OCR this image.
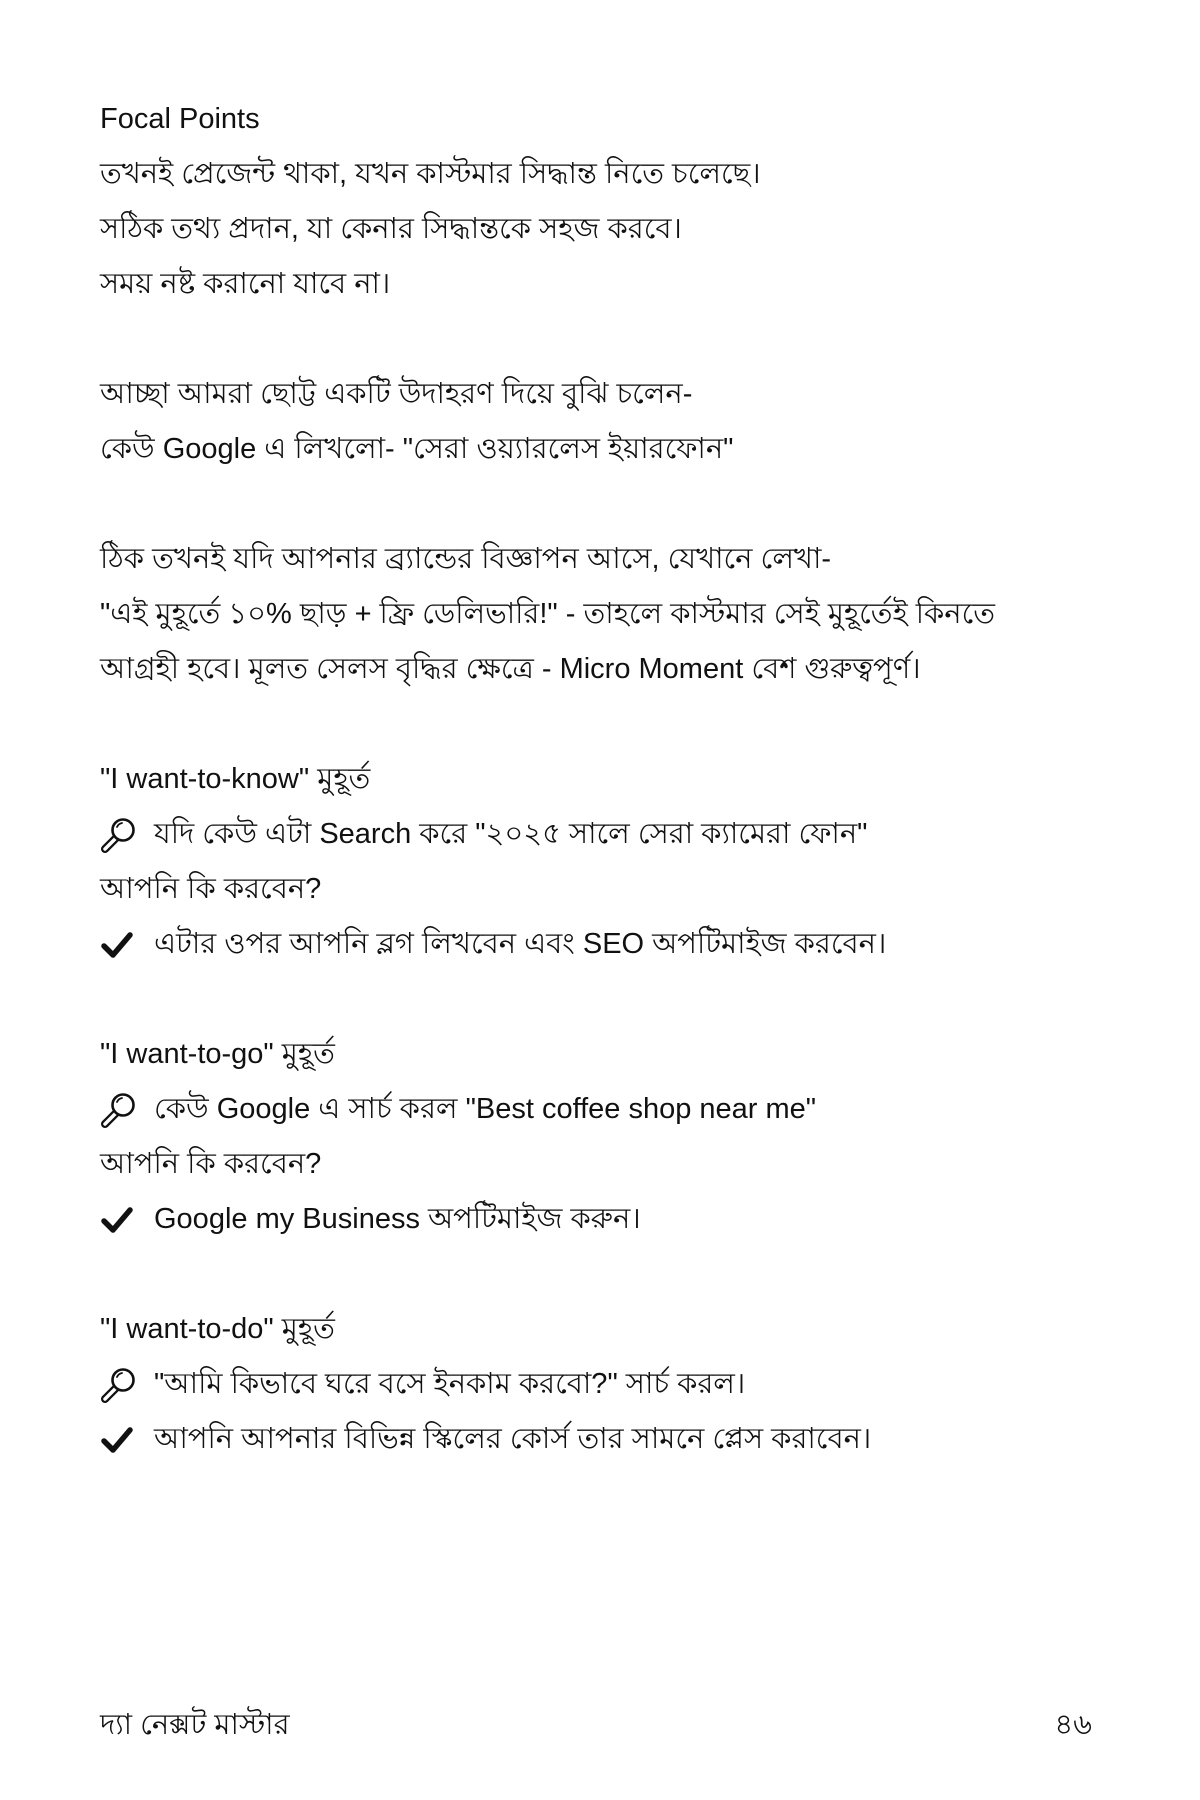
Focal Points
তখনই প্রেজেন্ট থাকা, যখন কাস্টমার সিদ্ধান্ত নিতে চলেছে।
সঠিক তথ্য প্রদান, যা কেনার সিদ্ধান্তকে সহজ করবে।
সময় নষ্ট করানো যাবে না।
আচ্ছা আমরা ছোট্ট একটি উদাহরণ দিয়ে বুঝি চলেন-
কেউ Google এ লিখলো- "সেরা ওয়্যারলেস ইয়ারফোন"
ঠিক তখনই যদি আপনার ব্র্যান্ডের বিজ্ঞাপন আসে, যেখানে লেখা-
"এই মুহূর্তে ১০% ছাড় + ফ্রি ডেলিভারি!" - তাহলে কাস্টমার সেই মুহূর্তেই কিনতে
আগ্রহী হবে। মূলত সেলস বৃদ্ধির ক্ষেত্রে - Micro Moment বেশ গুরুত্বপূর্ণ।
"I want-to-know" মুহূর্ত
যদি কেউ এটা Search করে "২০২৫ সালে সেরা ক্যামেরা ফোন"
আপনি কি করবেন?
এটার ওপর আপনি ব্লগ লিখবেন এবং SEO অপটিমাইজ করবেন।
"I want-to-go" মুহূর্ত
কেউ Google এ সার্চ করল "Best coffee shop near me"
আপনি কি করবেন?
Google my Business অপটিমাইজ করুন।
"I want-to-do" মুহূর্ত
"আমি কিভাবে ঘরে বসে ইনকাম করবো?" সার্চ করল।
আপনি আপনার বিভিন্ন স্কিলের কোর্স তার সামনে প্লেস করাবেন।
দ্যা নেক্সট মাস্টার	৪৬
